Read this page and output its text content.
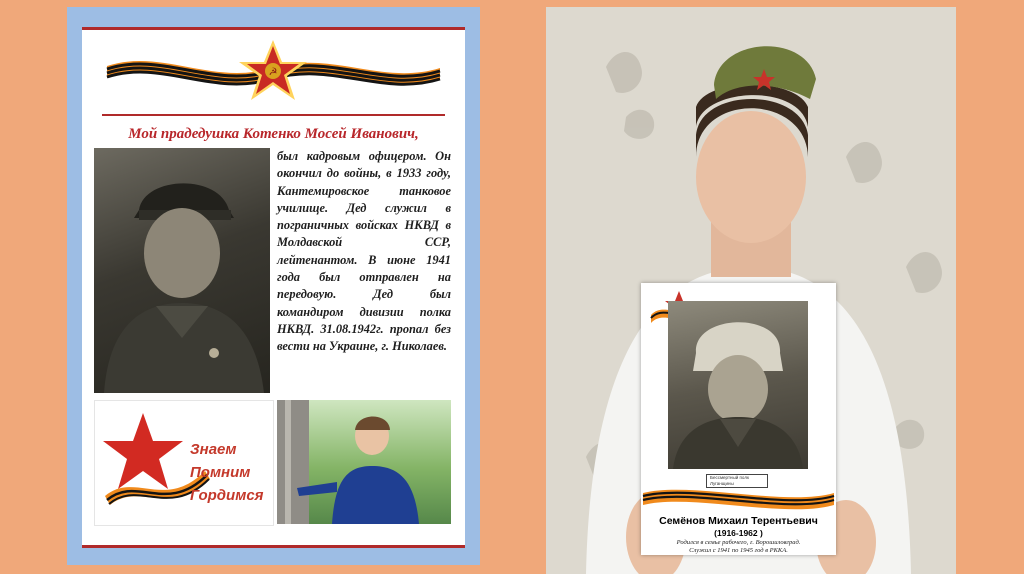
☭
Мой прадедушка Котенко Мосей Иванович,
был кадровым офицером. Он окончил до войны, в 1933 году, Кантемировское танковое училище. Дед служил в пограничных войсках НКВД в Молдавской ССР, лейтенантом. В июне 1941 года был отправлен на передовую. Дед был командиром дивизии полка НКВД. 31.08.1942г. пропал без вести на Украине, г. Николаев.
Знаем
Помним
Гордимся
Бессмертный полк Луганщины
Семёнов Михаил Терентьевич
(1916-1962 )
Родился в семье рабочего, г. Ворошиловград.
Служил с 1941 по 1945 год в РККА.
